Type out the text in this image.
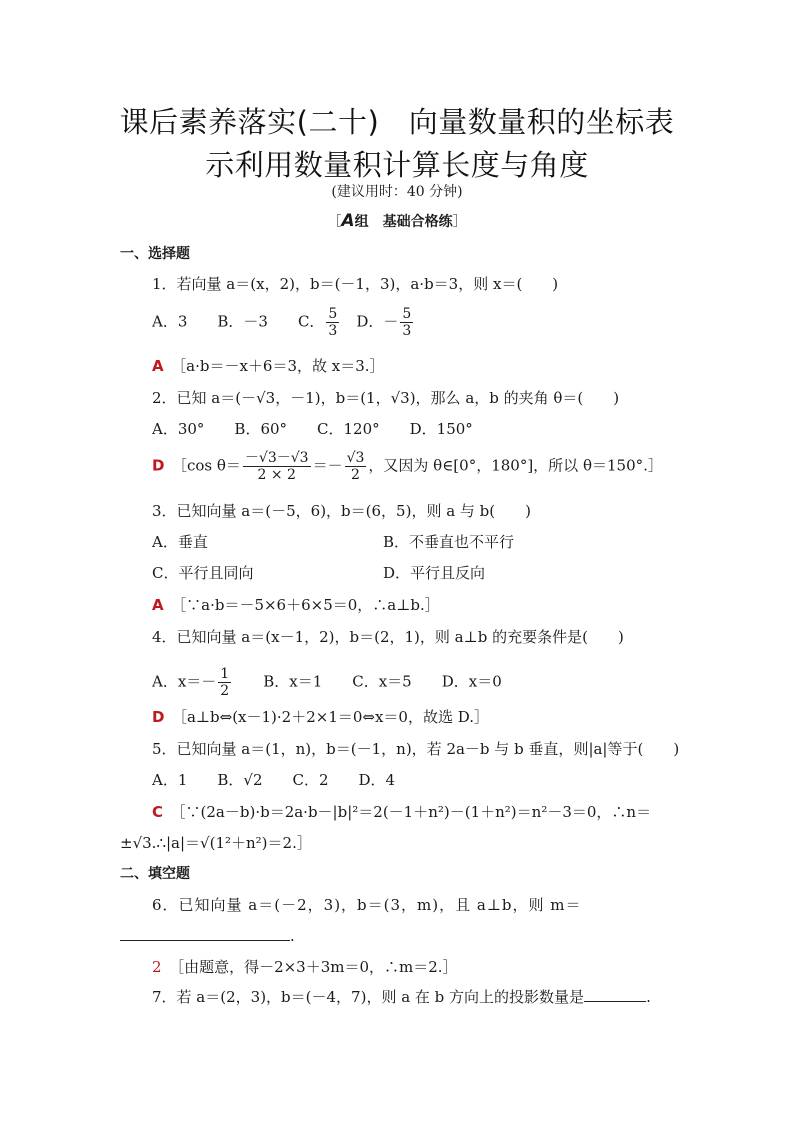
课后素养落实(二十)　向量数量积的坐标表
示利用数量积计算长度与角度
(建议用时：40 分钟)
［A组　基础合格练］
一、选择题
1．若向量 a＝(x，2)，b＝(－1，3)，a·b＝3，则 x＝(　　)
A．3　　B．－3　　C． $\frac{5}{3}$ 　D．－ $\frac{5}{3}$
A　 ［a·b＝－x＋6＝3，故 x＝3.］
2．已知 a＝(－√3，－1)，b＝(1，√3)，那么 a，b 的夹角 θ＝(　　)
A．30°　　B．60°　　C．120°　　D．150°
D　 ［cos $\theta= \frac{-√3-√3}{2 \times 2} =- \frac{√3}{2}$ ，又因为 θ∈[0°，180°]，所以 θ＝150°.］
3．已知向量 a＝(－5，6)，b＝(6，5)，则 a 与 b(　　)
A．垂直	B．不垂直也不平行
C．平行且同向	D．平行且反向
A　 ［∵a·b＝－5×6＋6×5＝0，∴a⊥b.］
4．已知向量 a＝(x－1，2)，b＝(2，1)，则 a⊥b 的充要条件是(　　)
A．$x=- \frac{1}{2}$ 　　B．x＝1　　C．x＝5　　D．x＝0
D　 ［a⊥b⇔(x－1)·2＋2×1＝0⇔x＝0，故选 D.］
5．已知向量 a＝(1，n)，b＝(－1，n)，若 2a－b 与 b 垂直，则|a|等于(　　)
A．1　　B．√2　　C．2　　D．4
C　 ［∵(2a－b)·b＝2a·b－|b|²＝2(－1＋n²)－(1＋n²)＝n²－3＝0，∴n＝
±√3.∴|a|＝√(1²＋n²)＝2.］
二、填空题
6．已知向量 a＝(－2，3)，b＝(3，m)，且 a⊥b，则 m＝
.
2　 ［由题意，得－2×3＋3m＝0，∴m＝2.］
7．若 a＝(2，3)，b＝(－4，7)，则 a 在 b 方向上的投影数量是	.
